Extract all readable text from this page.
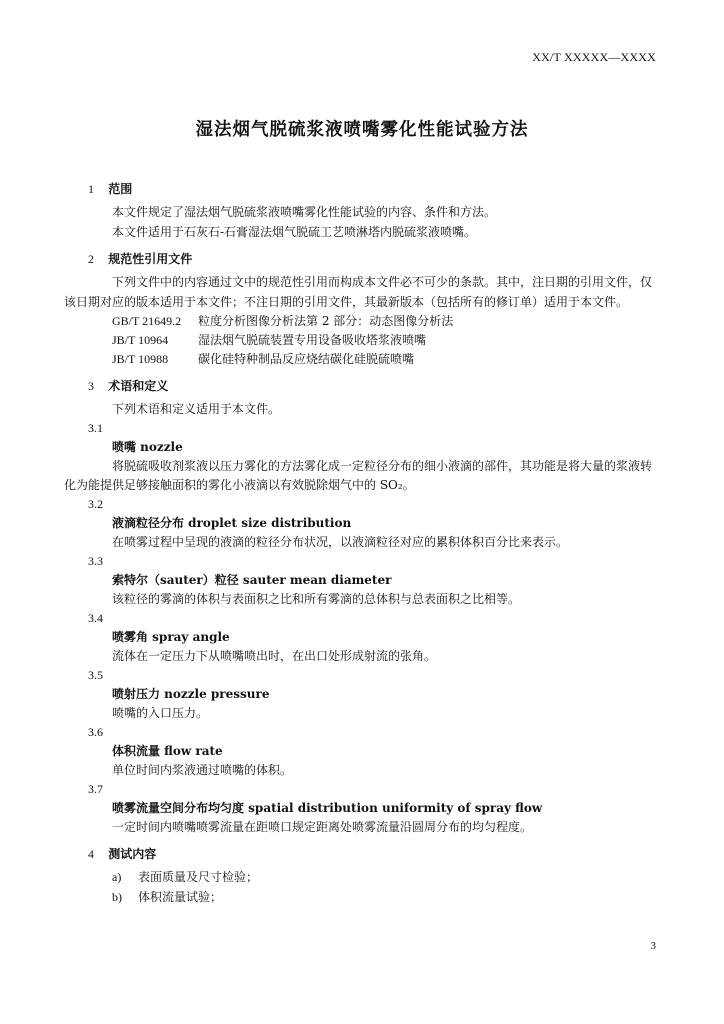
XX/T XXXXX—XXXX
湿法烟气脱硫浆液喷嘴雾化性能试验方法
1 范围
本文件规定了湿法烟气脱硫浆液喷嘴雾化性能试验的内容、条件和方法。
本文件适用于石灰石-石膏湿法烟气脱硫工艺喷淋塔内脱硫浆液喷嘴。
2 规范性引用文件
下列文件中的内容通过文中的规范性引用而构成本文件必不可少的条款。其中，注日期的引用文件，仅该日期对应的版本适用于本文件；不注日期的引用文件，其最新版本（包括所有的修订单）适用于本文件。
GB/T 21649.2 粒度分析图像分析法第 2 部分：动态图像分析法
JB/T 10964 湿法烟气脱硫装置专用设备吸收塔浆液喷嘴
JB/T 10988 碳化硅特种制品反应烧结碳化硅脱硫喷嘴
3 术语和定义
下列术语和定义适用于本文件。
3.1
喷嘴 nozzle
将脱硫吸收剂浆液以压力雾化的方法雾化成一定粒径分布的细小液滴的部件，其功能是将大量的浆液转化为能提供足够接触面积的雾化小液滴以有效脱除烟气中的 SO₂。
3.2
液滴粒径分布 droplet size distribution
在喷雾过程中呈现的液滴的粒径分布状况，以液滴粒径对应的累积体积百分比来表示。
3.3
索特尔（sauter）粒径 sauter mean diameter
该粒径的雾滴的体积与表面积之比和所有雾滴的总体积与总表面积之比相等。
3.4
喷雾角 spray angle
流体在一定压力下从喷嘴喷出时，在出口处形成射流的张角。
3.5
喷射压力 nozzle pressure
喷嘴的入口压力。
3.6
体积流量 flow rate
单位时间内浆液通过喷嘴的体积。
3.7
喷雾流量空间分布均匀度 spatial distribution uniformity of spray flow
一定时间内喷嘴喷雾流量在距喷口规定距离处喷雾流量沿圆周分布的均匀程度。
4 测试内容
a) 表面质量及尺寸检验；
b) 体积流量试验；
3
